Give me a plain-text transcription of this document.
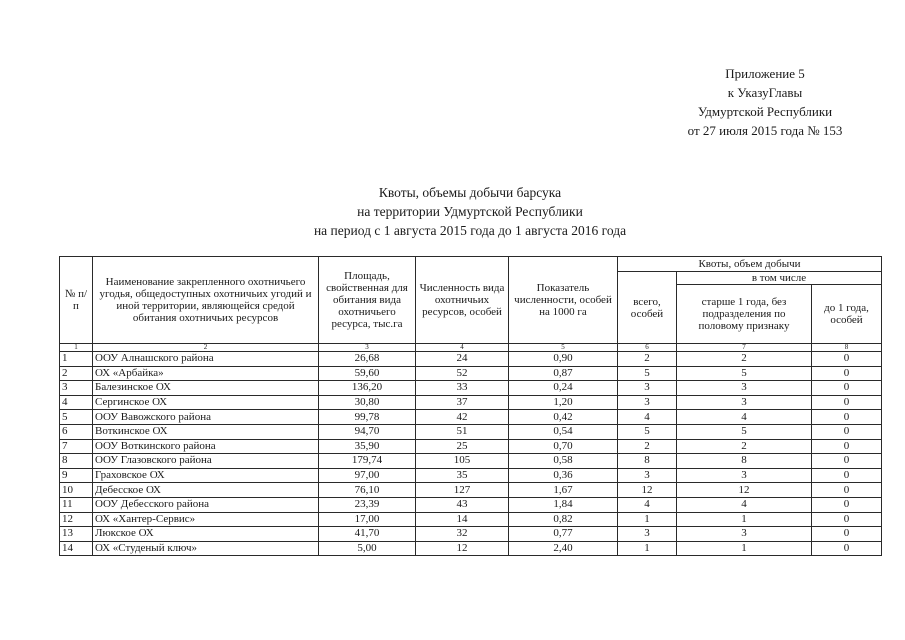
Приложение 5
к УказуГлавы
Удмуртской Республики
от 27 июля 2015 года № 153
Квоты, объемы добычи барсука
на территории Удмуртской Республики
на период с 1 августа 2015 года до 1 августа 2016 года
№ п/п	Наименование закрепленного охотничьего угодья, общедоступных охотничьих угодий и иной территории, являющейся средой обитания охотничьих ресурсов	Площадь, свойственная для обитания вида охотничьего ресурса, тыс.га	Численность вида охотничьих ресурсов, особей	Показатель численности, особей на 1000 га	Квоты, объем добычи		
					всего, особей	в том числе	
						старше 1 года, без подразделения по половому признаку	до 1 года, особей
1	2	3	4	5	6	7	8
1	ООУ Алнашского района	26,68	24	0,90	2	2	0
2	ОХ «Арбайка»	59,60	52	0,87	5	5	0
3	Балезинское ОХ	136,20	33	0,24	3	3	0
4	Сергинское ОХ	30,80	37	1,20	3	3	0
5	ООУ Вавожского района	99,78	42	0,42	4	4	0
6	Воткинское ОХ	94,70	51	0,54	5	5	0
7	ООУ Воткинского района	35,90	25	0,70	2	2	0
8	ООУ Глазовского района	179,74	105	0,58	8	8	0
9	Граховское ОХ	97,00	35	0,36	3	3	0
10	Дебесское ОХ	76,10	127	1,67	12	12	0
11	ООУ Дебесского района	23,39	43	1,84	4	4	0
12	ОХ «Хантер-Сервис»	17,00	14	0,82	1	1	0
13	Люкское ОХ	41,70	32	0,77	3	3	0
14	ОХ «Студеный ключ»	5,00	12	2,40	1	1	0
